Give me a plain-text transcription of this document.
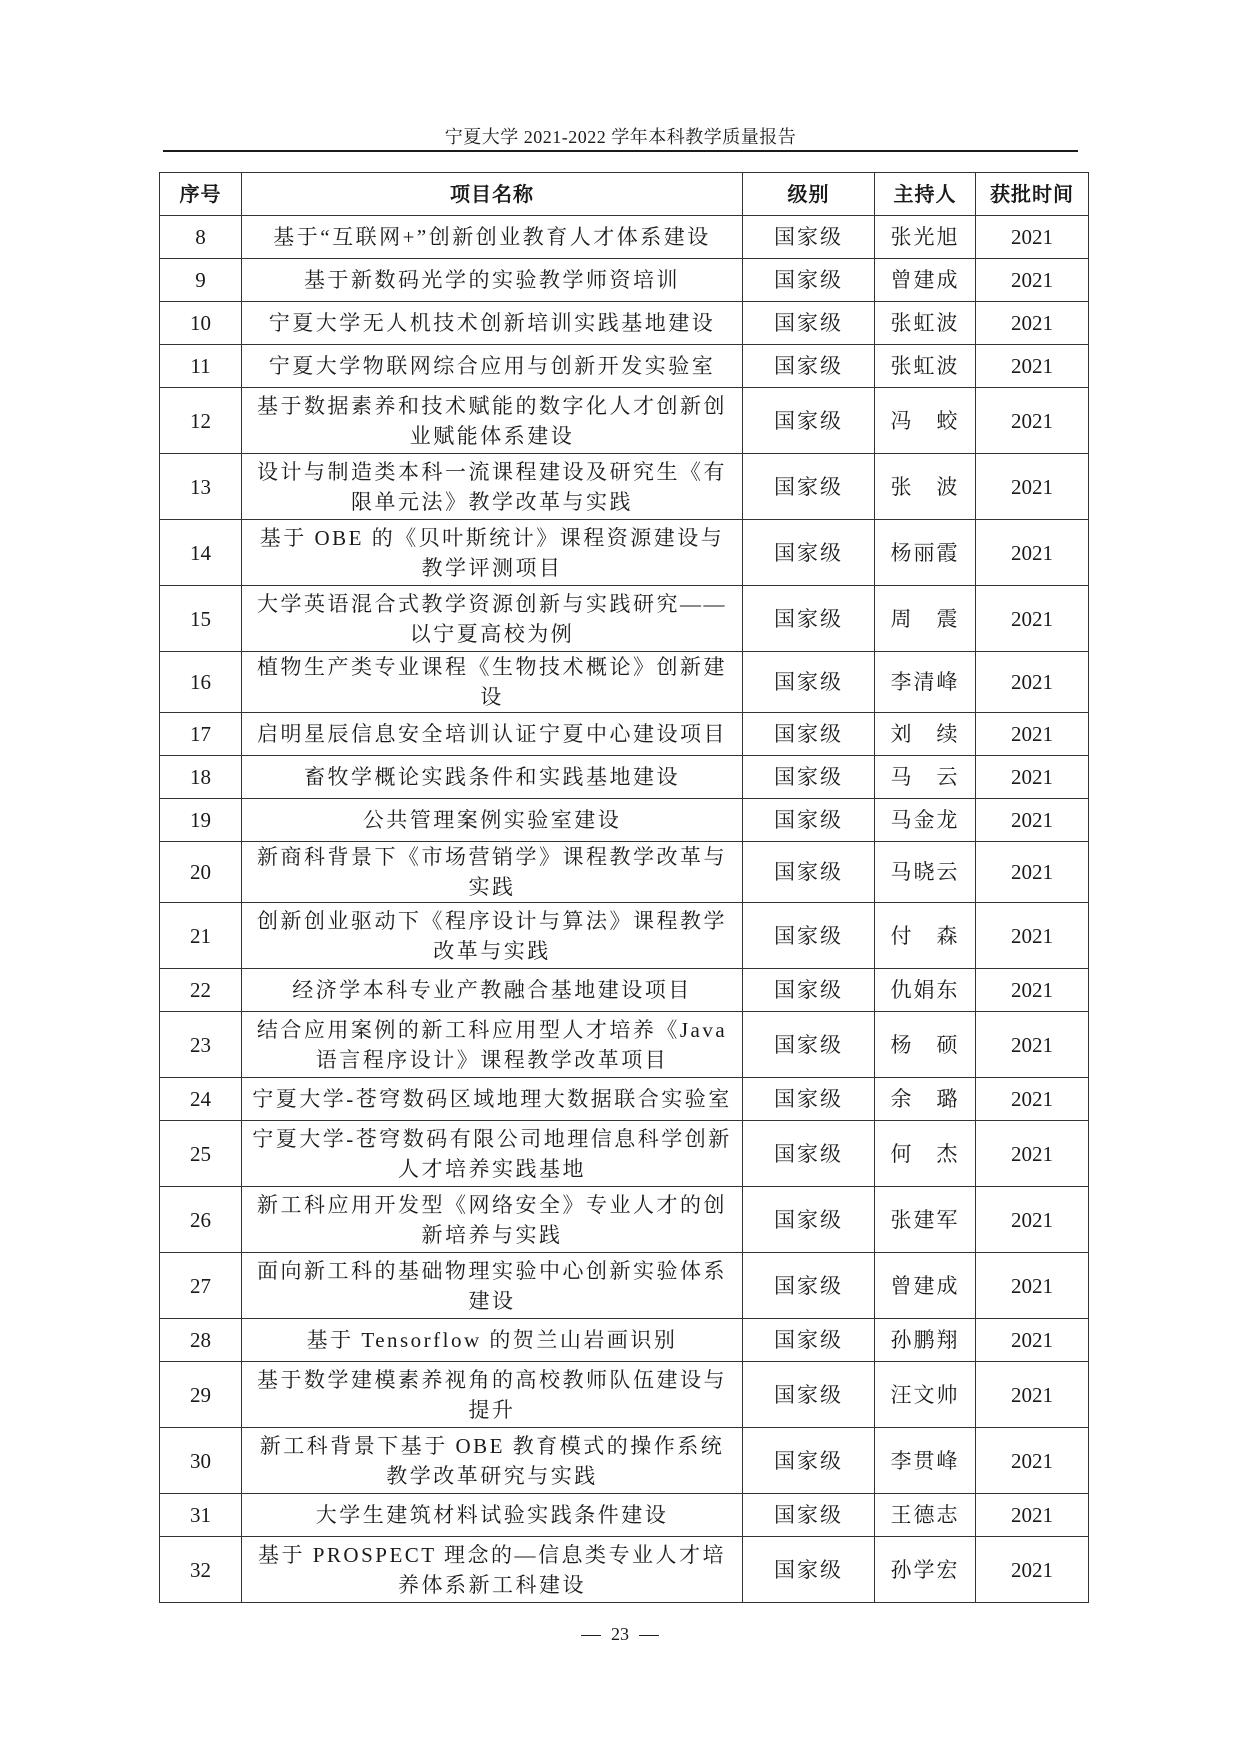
宁夏大学 2021-2022 学年本科教学质量报告
序号	项目名称	级别	主持人	获批时间
8	基于“互联网+”创新创业教育人才体系建设	国家级	张光旭	2021
9	基于新数码光学的实验教学师资培训	国家级	曾建成	2021
10	宁夏大学无人机技术创新培训实践基地建设	国家级	张虹波	2021
11	宁夏大学物联网综合应用与创新开发实验室	国家级	张虹波	2021
12	基于数据素养和技术赋能的数字化人才创新创业赋能体系建设	国家级	冯　蛟	2021
13	设计与制造类本科一流课程建设及研究生《有限单元法》教学改革与实践	国家级	张　波	2021
14	基于 OBE 的《贝叶斯统计》课程资源建设与教学评测项目	国家级	杨丽霞	2021
15	大学英语混合式教学资源创新与实践研究——以宁夏高校为例	国家级	周　震	2021
16	植物生产类专业课程《生物技术概论》创新建设	国家级	李清峰	2021
17	启明星辰信息安全培训认证宁夏中心建设项目	国家级	刘　续	2021
18	畜牧学概论实践条件和实践基地建设	国家级	马　云	2021
19	公共管理案例实验室建设	国家级	马金龙	2021
20	新商科背景下《市场营销学》课程教学改革与实践	国家级	马晓云	2021
21	创新创业驱动下《程序设计与算法》课程教学改革与实践	国家级	付　森	2021
22	经济学本科专业产教融合基地建设项目	国家级	仇娟东	2021
23	结合应用案例的新工科应用型人才培养《Java 语言程序设计》课程教学改革项目	国家级	杨　硕	2021
24	宁夏大学-苍穹数码区域地理大数据联合实验室	国家级	余　璐	2021
25	宁夏大学-苍穹数码有限公司地理信息科学创新人才培养实践基地	国家级	何　杰	2021
26	新工科应用开发型《网络安全》专业人才的创新培养与实践	国家级	张建军	2021
27	面向新工科的基础物理实验中心创新实验体系建设	国家级	曾建成	2021
28	基于 Tensorflow 的贺兰山岩画识别	国家级	孙鹏翔	2021
29	基于数学建模素养视角的高校教师队伍建设与提升	国家级	汪文帅	2021
30	新工科背景下基于 OBE 教育模式的操作系统教学改革研究与实践	国家级	李贯峰	2021
31	大学生建筑材料试验实践条件建设	国家级	王德志	2021
32	基于 PROSPECT 理念的—信息类专业人才培养体系新工科建设	国家级	孙学宏	2021
23
